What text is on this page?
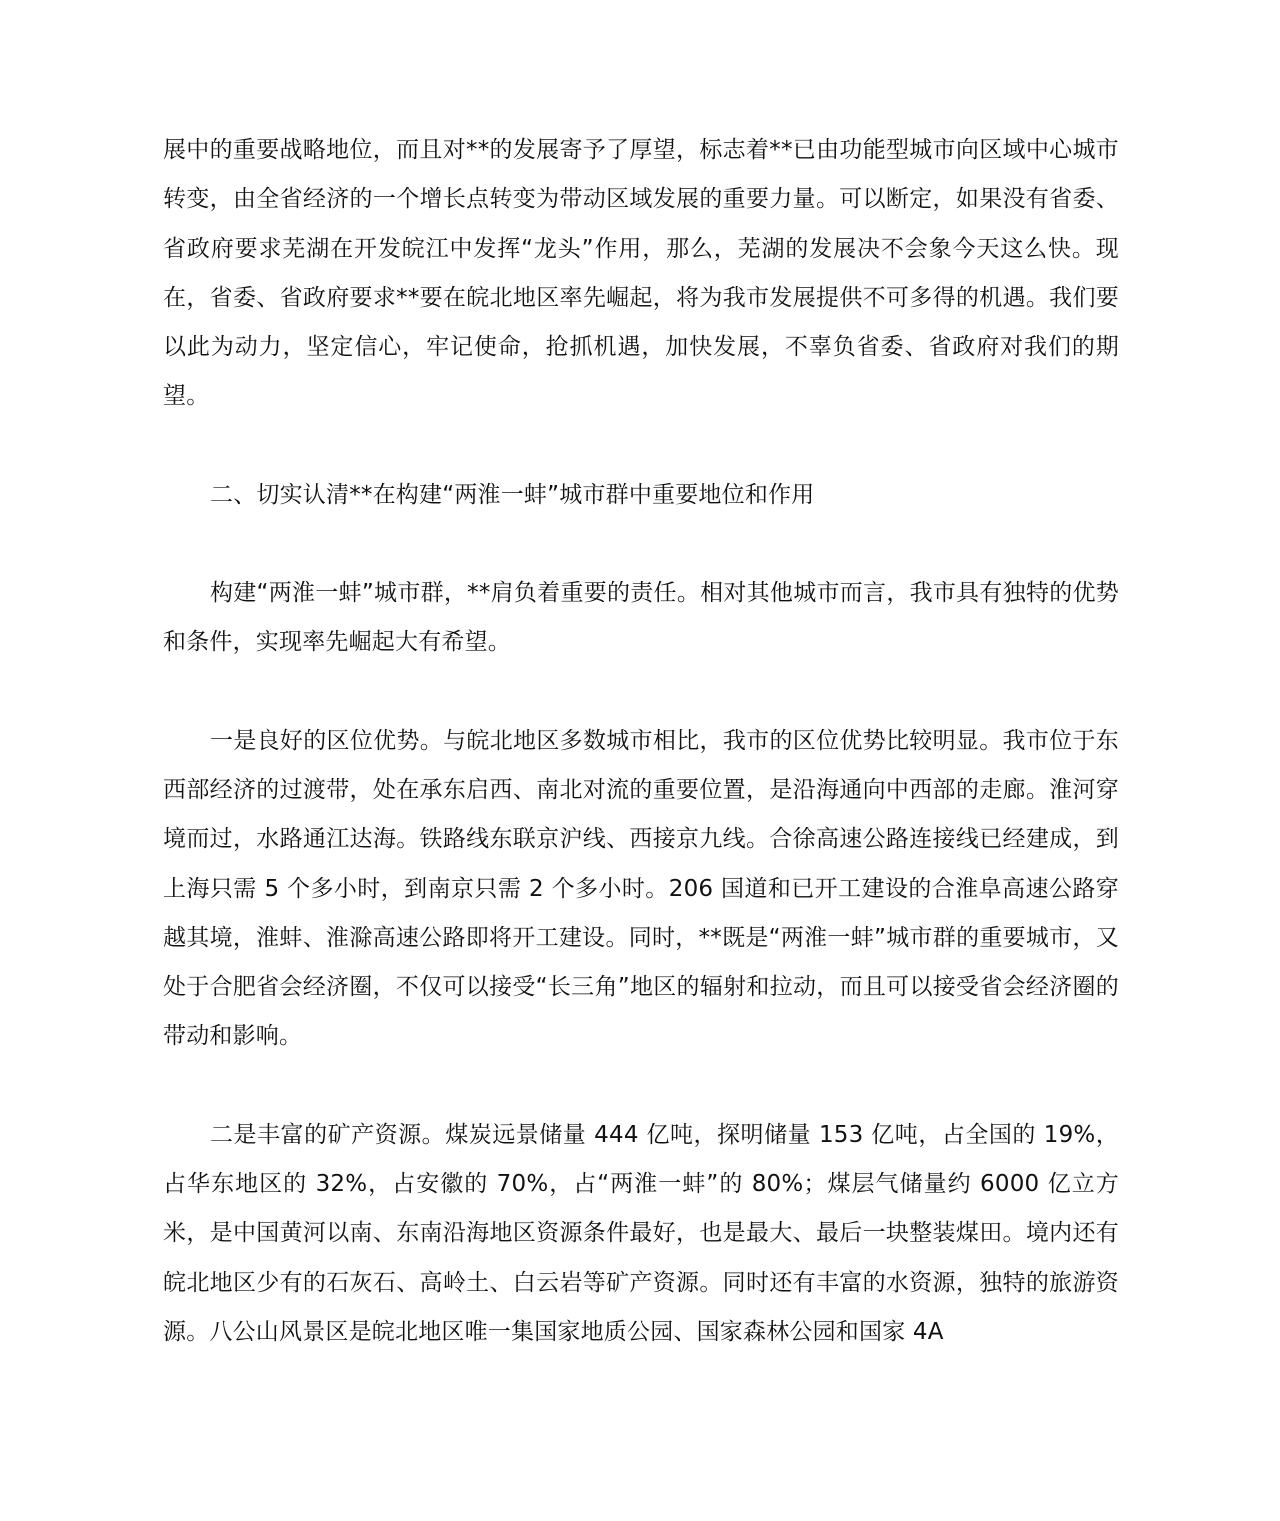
展中的重要战略地位，而且对**的发展寄予了厚望，标志着**已由功能型城市向区域中心城市转变，由全省经济的一个增长点转变为带动区域发展的重要力量。可以断定，如果没有省委、省政府要求芜湖在开发皖江中发挥“龙头”作用，那么，芜湖的发展决不会象今天这么快。现在，省委、省政府要求**要在皖北地区率先崛起，将为我市发展提供不可多得的机遇。我们要以此为动力，坚定信心，牢记使命，抢抓机遇，加快发展，不辜负省委、省政府对我们的期望。

二、切实认清**在构建“两淮一蚌”城市群中重要地位和作用

构建“两淮一蚌”城市群，**肩负着重要的责任。相对其他城市而言，我市具有独特的优势和条件，实现率先崛起大有希望。

一是良好的区位优势。与皖北地区多数城市相比，我市的区位优势比较明显。我市位于东西部经济的过渡带，处在承东启西、南北对流的重要位置，是沿海通向中西部的走廊。淮河穿境而过，水路通江达海。铁路线东联京沪线、西接京九线。合徐高速公路连接线已经建成，到上海只需 5 个多小时，到南京只需 2 个多小时。206 国道和已开工建设的合淮阜高速公路穿越其境，淮蚌、淮滁高速公路即将开工建设。同时，**既是“两淮一蚌”城市群的重要城市，又处于合肥省会经济圈，不仅可以接受“长三角”地区的辐射和拉动，而且可以接受省会经济圈的带动和影响。

二是丰富的矿产资源。煤炭远景储量 444 亿吨，探明储量 153 亿吨，占全国的 19%，占华东地区的 32%，占安徽的 70%，占“两淮一蚌”的 80%；煤层气储量约 6000 亿立方米，是中国黄河以南、东南沿海地区资源条件最好，也是最大、最后一块整装煤田。境内还有皖北地区少有的石灰石、高岭土、白云岩等矿产资源。同时还有丰富的水资源，独特的旅游资源。八公山风景区是皖北地区唯一集国家地质公园、国家森林公园和国家 4A
